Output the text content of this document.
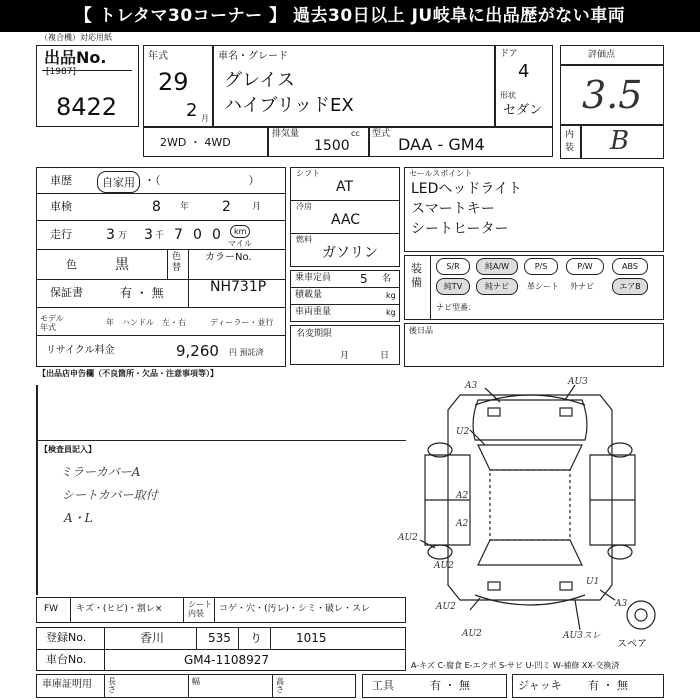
【 トレタマ30コーナー 】 過去30日以上 JU岐阜に出品歴がない車両
（複合機）対応用紙
出品No.
[1987]
8422
年式
29
2 月
車名・グレード
グレイス
ハイブリッドEX
ドア
4
形状
セダン
評価点
3.5
内装 B
2WD ・ 4WD
排気量
1500
cc 型式
DAA - GM4
車歴	自家用 ・（　　　　　　　　）
車検	8 年 2 月
走行 3 万 3 千 7 0 0	km
マイル
色	黒	色替
カラーNo.
NH731P
保証書	有 ・ 無
モデル年式
年 ハンドル　左・右	ディーラー・並行
リサイクル料金	9,260 円 預託済
シフト
AT
冷房
AAC
燃料
ガソリン
乗車定員 5 名
積載量	kg
車両重量	kg
名変期限
月	日
セールスポイント
LEDヘッドライト
スマートキー
シートヒーター
装備
S/R	純A/W	P/S	P/W	ABS
純TV	純ナビ	革シート 外ナビ	エアB
ナビ型番：
後日品
【出品店申告欄（不良箇所・欠品・注意事項等）】
【検査員記入】
ミラーカバーA
シートカバー取付
A・L
A3	AU3
U2
A2
A2
AU2
AU2
U1
AU2
AU2
A3
AU3スレ
スペア
FW キズ・(ヒビ)・割レ×	シート内装	コゲ・穴・(汚レ)・シミ・破レ・スレ
登録No.	香川	535 り	1015
車台No.	GM4-1108927	A-キズ C-腐食 E-エクボ S-サビ U-凹ミ W-補修 XX-交換済
車庫証明用 長さ
幅	高さ	工具	有 ・ 無	ジャッキ 有 ・ 無
